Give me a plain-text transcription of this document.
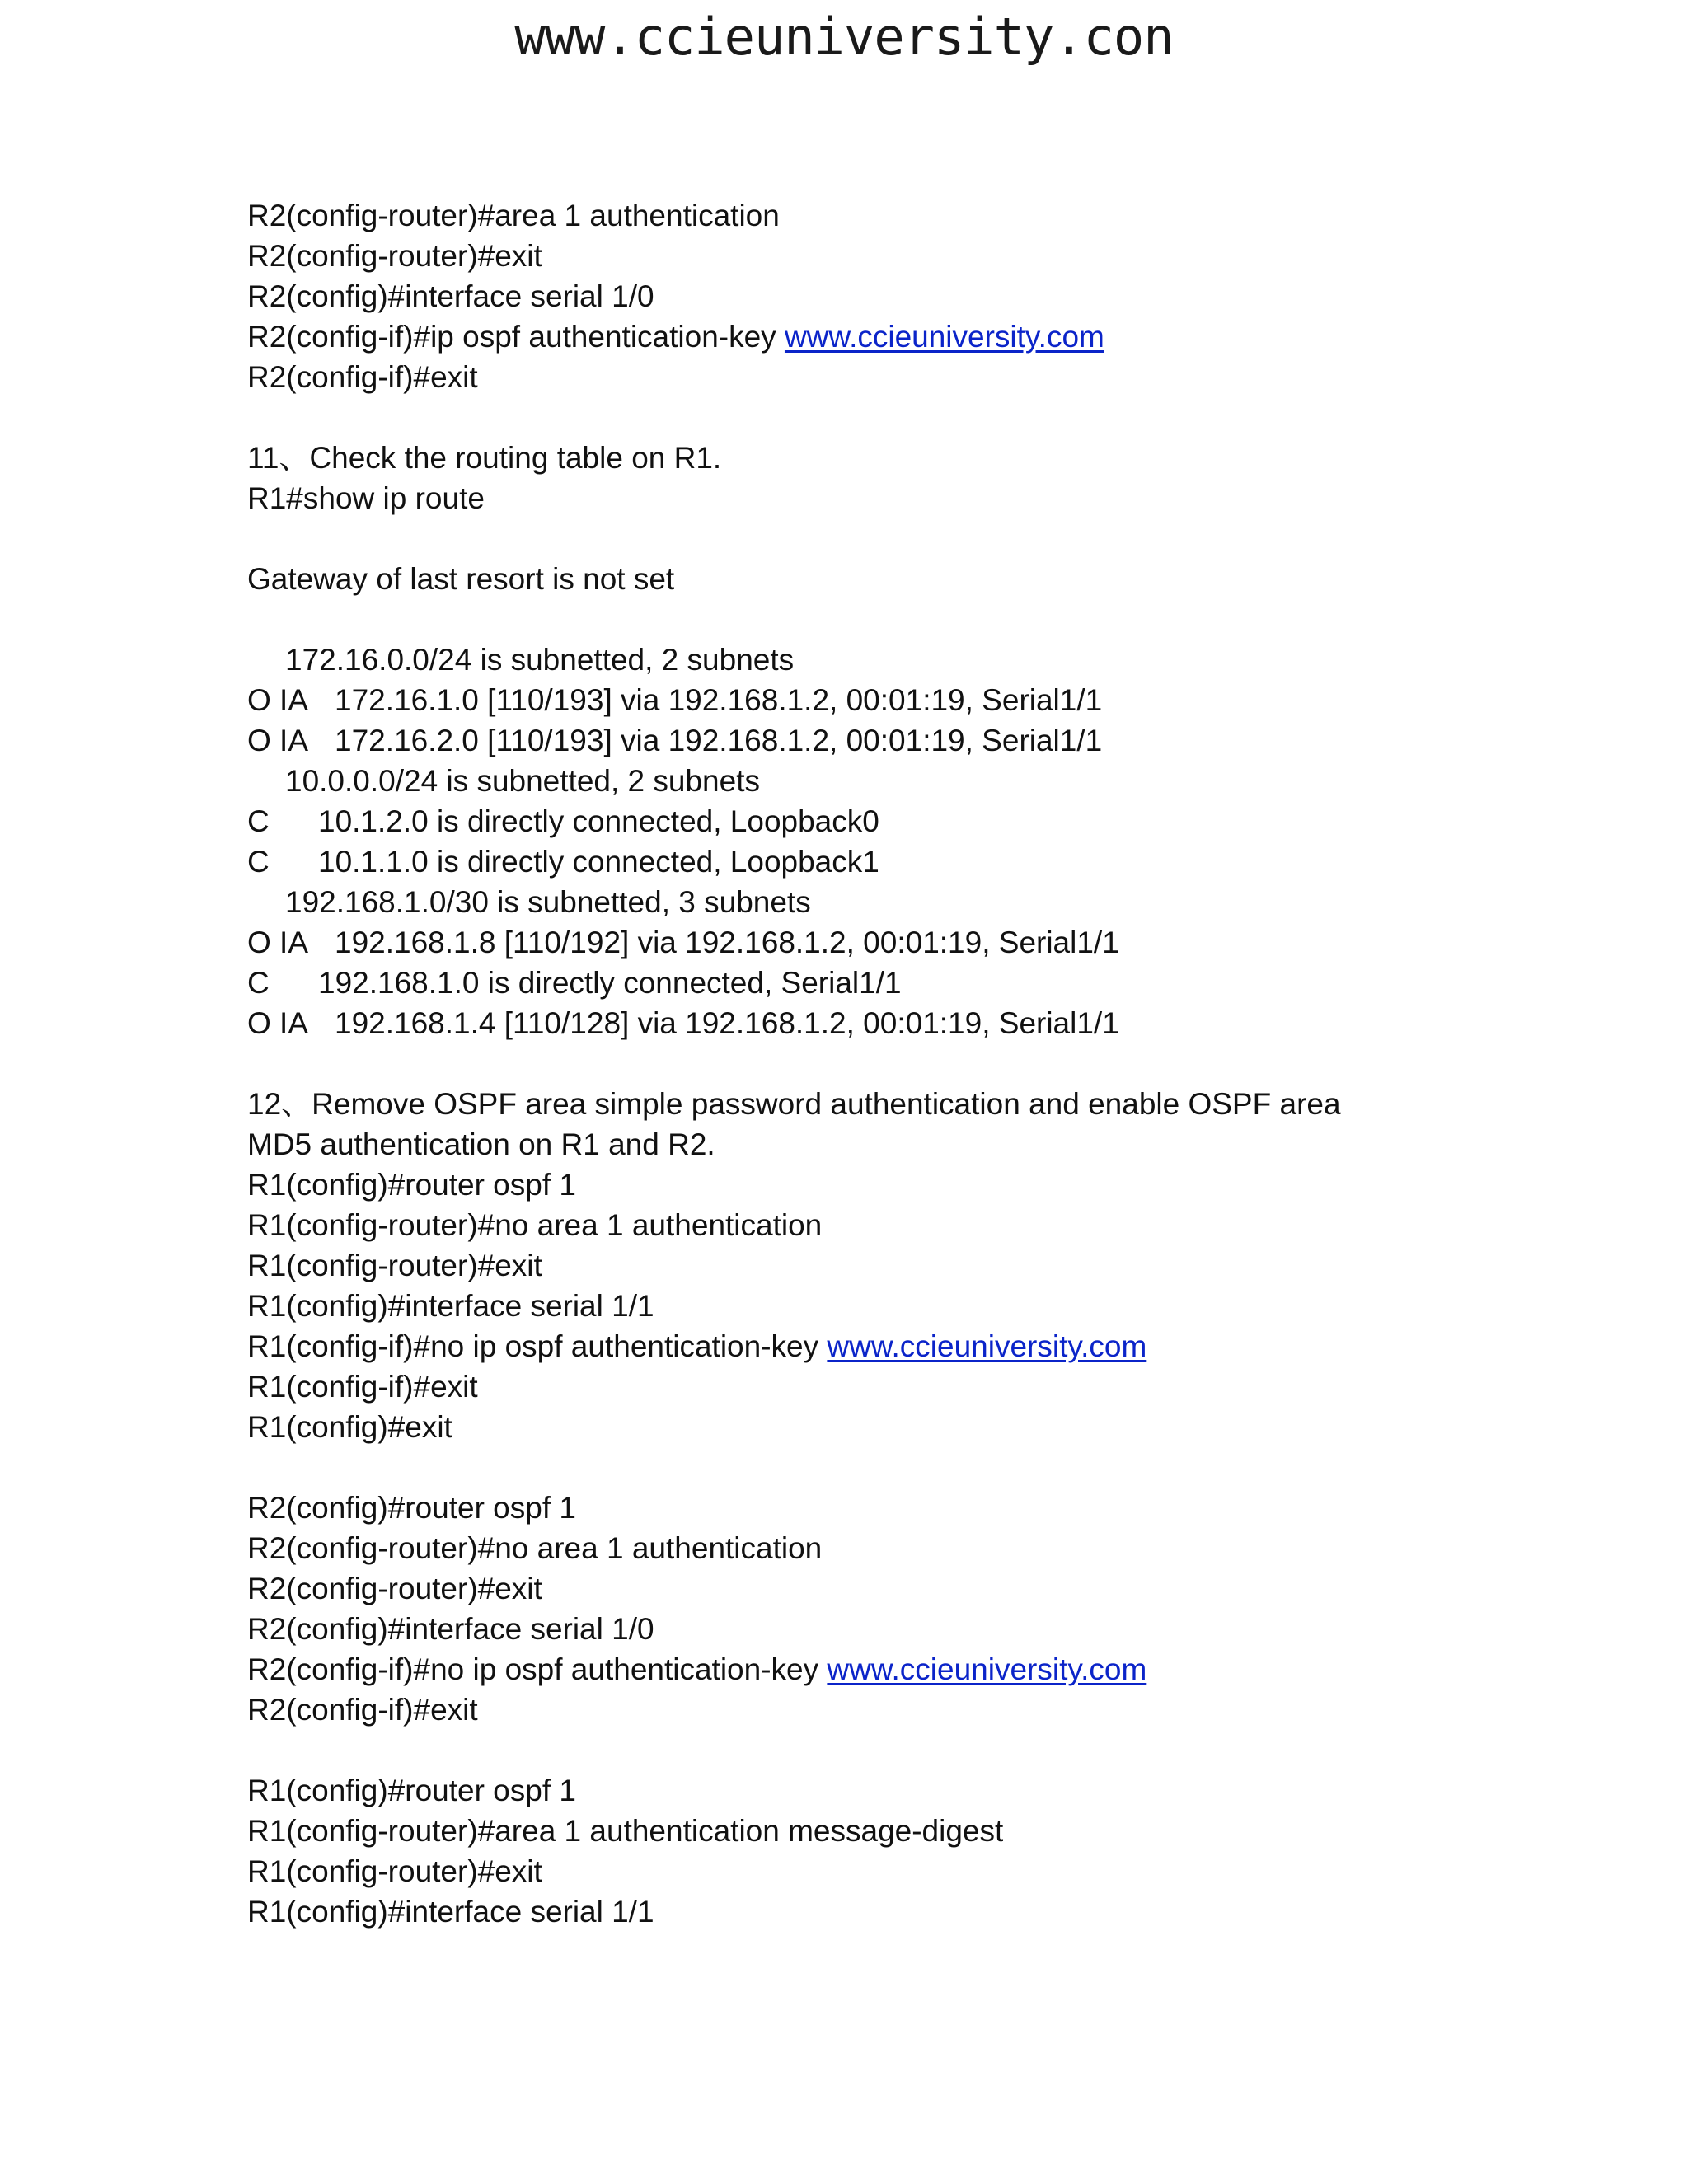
www.ccieuniversity.con
R2(config-router)#area 1 authentication
R2(config-router)#exit
R2(config)#interface serial 1/0
R2(config-if)#ip ospf authentication-key www.ccieuniversity.com
R2(config-if)#exit
11、Check the routing table on R1.
R1#show ip route
Gateway of last resort is not set
172.16.0.0/24 is subnetted, 2 subnets
O IA 172.16.1.0 [110/193] via 192.168.1.2, 00:01:19, Serial1/1
O IA 172.16.2.0 [110/193] via 192.168.1.2, 00:01:19, Serial1/1
10.0.0.0/24 is subnetted, 2 subnets
C 10.1.2.0 is directly connected, Loopback0
C 10.1.1.0 is directly connected, Loopback1
192.168.1.0/30 is subnetted, 3 subnets
O IA 192.168.1.8 [110/192] via 192.168.1.2, 00:01:19, Serial1/1
C 192.168.1.0 is directly connected, Serial1/1
O IA 192.168.1.4 [110/128] via 192.168.1.2, 00:01:19, Serial1/1
12、Remove OSPF area simple password authentication and enable OSPF area MD5 authentication on R1 and R2.
R1(config)#router ospf 1
R1(config-router)#no area 1 authentication
R1(config-router)#exit
R1(config)#interface serial 1/1
R1(config-if)#no ip ospf authentication-key www.ccieuniversity.com
R1(config-if)#exit
R1(config)#exit
R2(config)#router ospf 1
R2(config-router)#no area 1 authentication
R2(config-router)#exit
R2(config)#interface serial 1/0
R2(config-if)#no ip ospf authentication-key www.ccieuniversity.com
R2(config-if)#exit
R1(config)#router ospf 1
R1(config-router)#area 1 authentication message-digest
R1(config-router)#exit
R1(config)#interface serial 1/1
